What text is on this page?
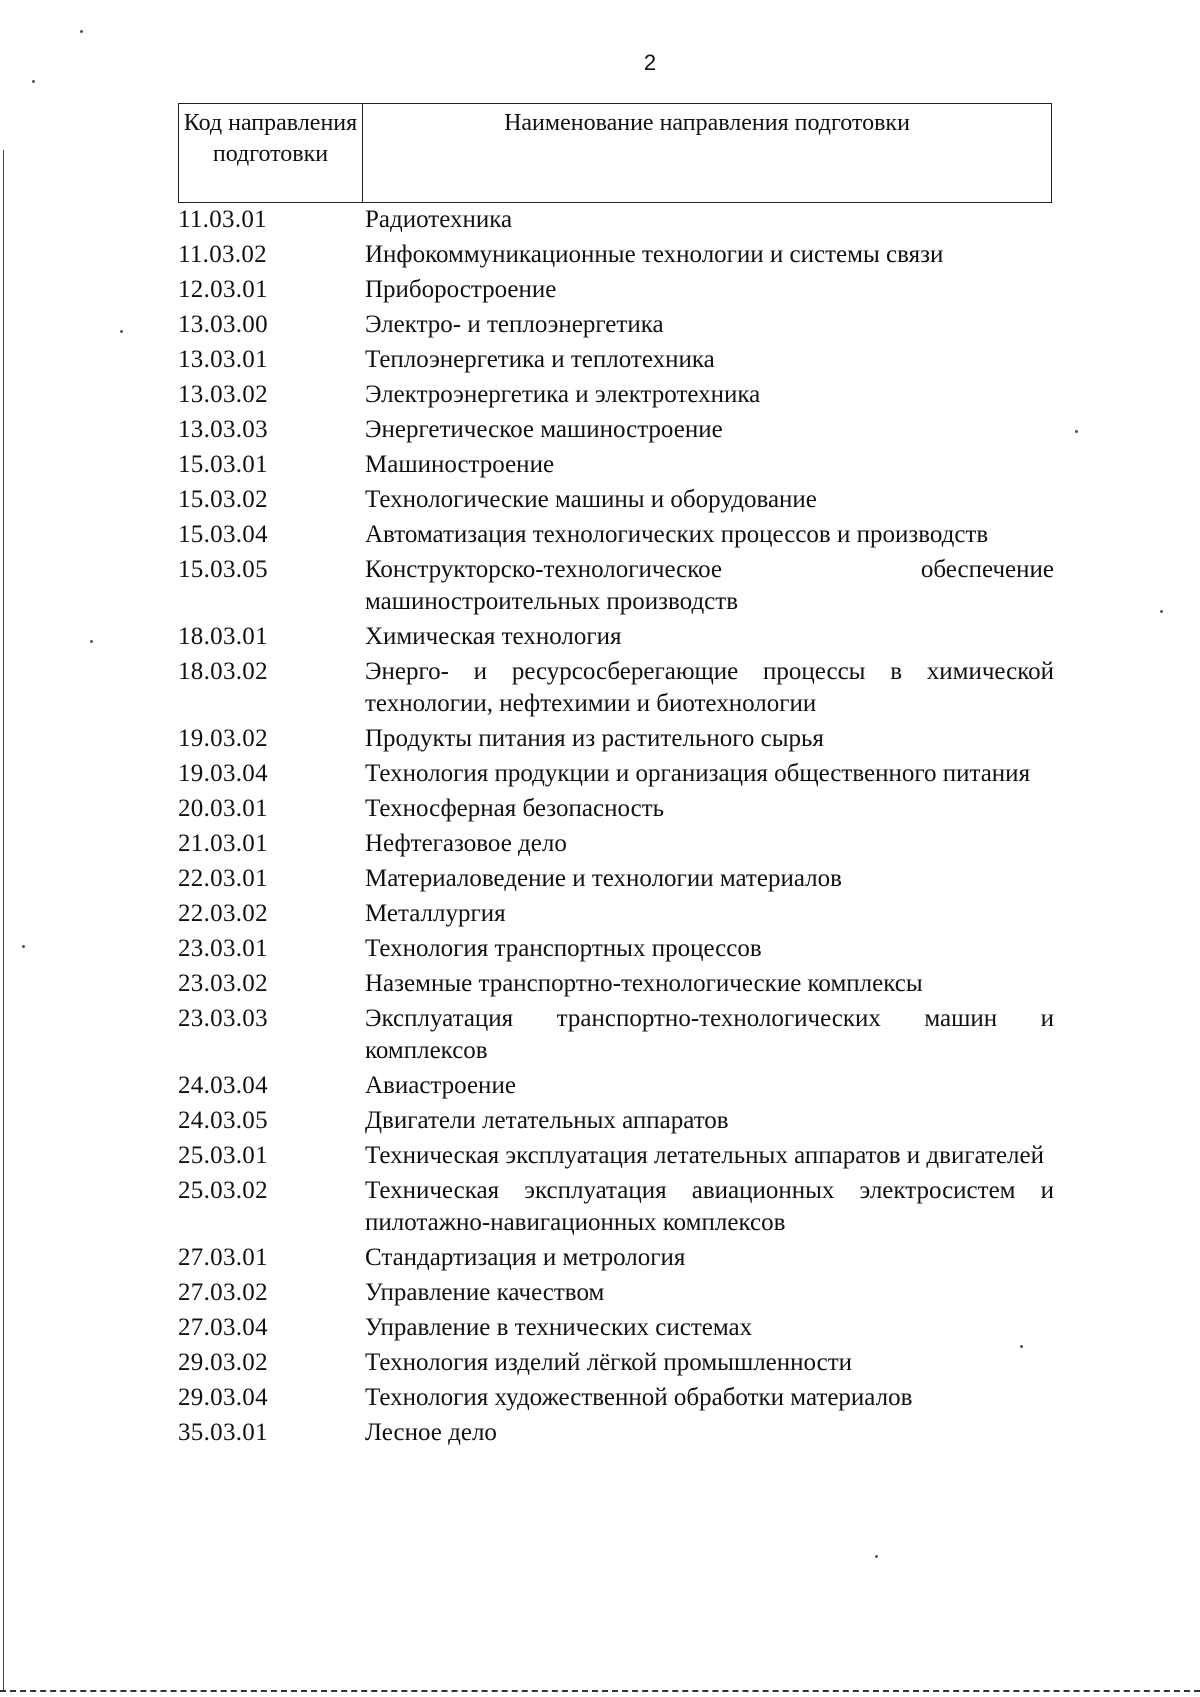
2
Код направления подготовки
Наименование направления подготовки
11.03.01	Радиотехника
11.03.02	Инфокоммуникационные технологии и системы связи
12.03.01	Приборостроение
13.03.00	Электро- и теплоэнергетика
13.03.01	Теплоэнергетика и теплотехника
13.03.02	Электроэнергетика и электротехника
13.03.03	Энергетическое машиностроение
15.03.01	Машиностроение
15.03.02	Технологические машины и оборудование
15.03.04	Автоматизация технологических процессов и производств
15.03.05	Конструкторско-технологическое обеспечение машиностроительных производств
18.03.01	Химическая технология
18.03.02	Энерго- и ресурсосберегающие процессы в химической технологии, нефтехимии и биотехнологии
19.03.02	Продукты питания из растительного сырья
19.03.04	Технология продукции и организация общественного питания
20.03.01	Техносферная безопасность
21.03.01	Нефтегазовое дело
22.03.01	Материаловедение и технологии материалов
22.03.02	Металлургия
23.03.01	Технология транспортных процессов
23.03.02	Наземные транспортно-технологические комплексы
23.03.03	Эксплуатация транспортно-технологических машин и комплексов
24.03.04	Авиастроение
24.03.05	Двигатели летательных аппаратов
25.03.01	Техническая эксплуатация летательных аппаратов и двигателей
25.03.02	Техническая эксплуатация авиационных электросистем и пилотажно-навигационных комплексов
27.03.01	Стандартизация и метрология
27.03.02	Управление качеством
27.03.04	Управление в технических системах
29.03.02	Технология изделий лёгкой промышленности
29.03.04	Технология художественной обработки материалов
35.03.01	Лесное дело
